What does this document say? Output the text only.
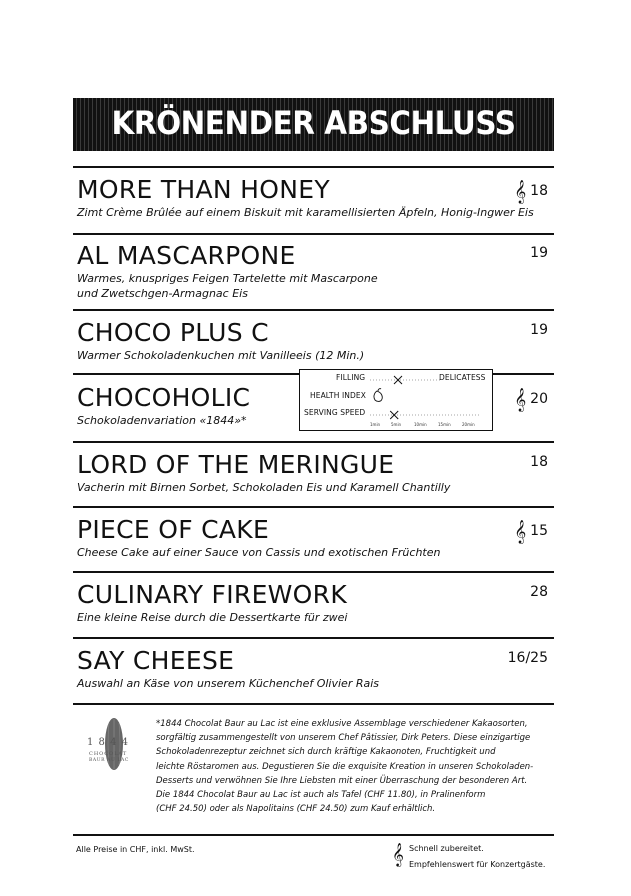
KRÖNENDER ABSCHLUSS
MORE THAN HONEY
Zimt Crème Brûlée auf einem Biskuit mit karamellisierten Äpfeln, Honig-Ingwer Eis
𝄞 18
AL MASCARPONE
Warmes, knuspriges Feigen Tartelette mit Mascarpone
und Zwetschgen-Armagnac Eis
19
CHOCO PLUS C
Warmer Schokoladenkuchen mit Vanilleeis (12 Min.)
19
CHOCOHOLIC
Schokoladenvariation «1844»*
𝄞 20
FILLING	DELICATESS
HEALTH INDEX
SERVING SPEED
1min	5min	10min	15min	20min
LORD OF THE MERINGUE
Vacherin mit Birnen Sorbet, Schokoladen Eis und Karamell Chantilly
18
PIECE OF CAKE
Cheese Cake auf einer Sauce von Cassis und exotischen Früchten
𝄞 15
CULINARY FIREWORK
Eine kleine Reise durch die Dessertkarte für zwei
28
SAY CHEESE
Auswahl an Käse von unserem Küchenchef Olivier Rais
16/25
1 8 4 4
CHOCOLAT
BAUR AU LAC
*1844 Chocolat Baur au Lac ist eine exklusive Assemblage verschiedener Kakaosorten,
sorgfältig zusammengestellt von unserem Chef Pâtissier, Dirk Peters. Diese einzigartige
Schokoladenrezeptur zeichnet sich durch kräftige Kakaonoten, Fruchtigkeit und
leichte Röstaromen aus. Degustieren Sie die exquisite Kreation in unseren Schokoladen-
Desserts und verwöhnen Sie Ihre Liebsten mit einer Überraschung der besonderen Art.
Die 1844 Chocolat Baur au Lac ist auch als Tafel (CHF 11.80), in Pralinenform
(CHF 24.50) oder als Napolitains (CHF 24.50) zum Kauf erhältlich.
Alle Preise in CHF, inkl. MwSt.	𝄞 Schnell zubereitet.
Empfehlenswert für Konzertgäste.
